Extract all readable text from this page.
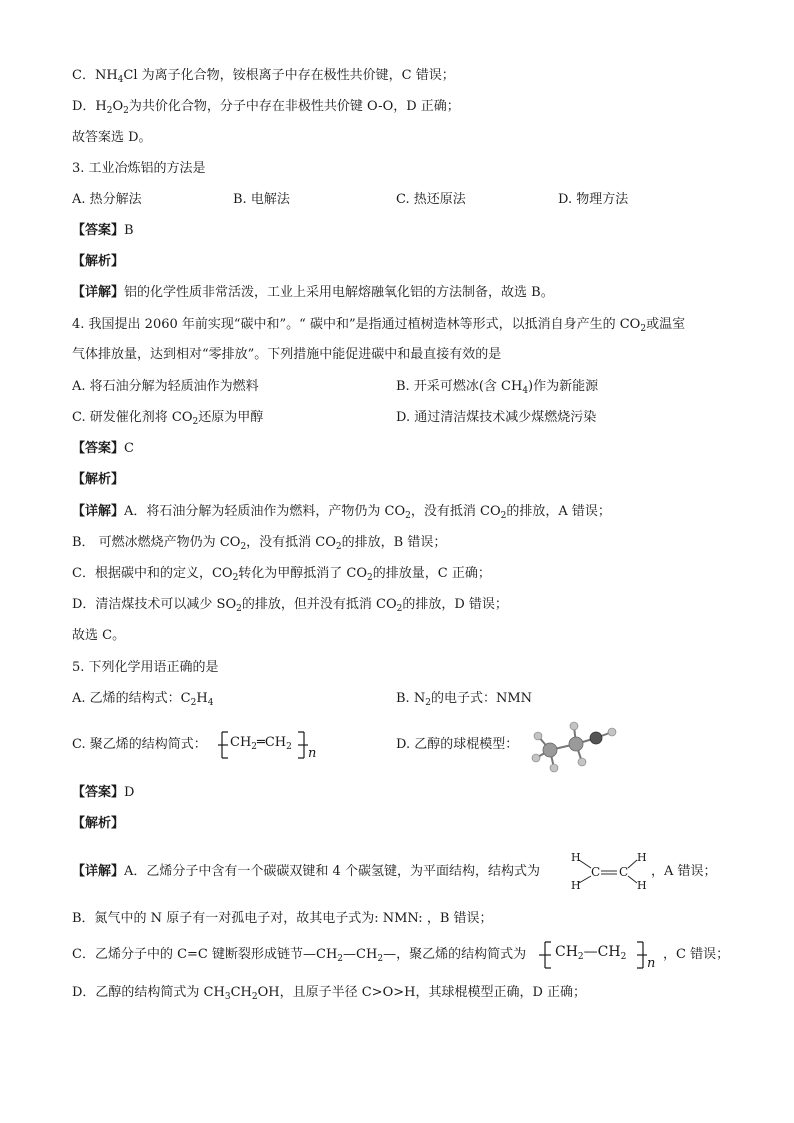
C．$NH_4Cl$ 为离子化合物，铵根离子中存在极性共价键，C 错误；
D．$H_2O_2$为共价化合物，分子中存在非极性共价键 O-O，D 正确；
故答案选 D。
3. 工业冶炼铝的方法是
A. 热分解法	B. 电解法	C. 热还原法	D. 物理方法
【答案】B
【解析】
【详解】铝的化学性质非常活泼，工业上采用电解熔融氧化铝的方法制备，故选 B。
4. 我国提出 2060 年前实现“碳中和”。“ 碳中和”是指通过植树造林等形式，以抵消自身产生的 $CO_2$或温室
气体排放量，达到相对“零排放”。下列措施中能促进碳中和最直接有效的是
A. 将石油分解为轻质油作为燃料	B. 开采可燃冰(含 $CH_4$)作为新能源
C. 研发催化剂将 $CO_2$还原为甲醇	D. 通过清洁煤技术减少煤燃烧污染
【答案】C
【解析】
【详解】A．将石油分解为轻质油作为燃料，产物仍为 $CO_2$，没有抵消 $CO_2$的排放，A 错误；
B． 可燃冰燃烧产物仍为 $CO_2$，没有抵消 $CO_2$的排放，B 错误；
C．根据碳中和的定义，$CO_2$转化为甲醇抵消了 $CO_2$的排放量，C 正确；
D．清洁煤技术可以减少 $SO_2$的排放，但并没有抵消 $CO_2$的排放，D 错误；
故选 C。
5. 下列化学用语正确的是
A. 乙烯的结构式：$C_2H_4$	B. $N_2$的电子式：NMN
C. 聚乙烯的结构简式： $CH_2═CH_2$ n
D. 乙醇的球棍模型：
【答案】D
【解析】
【详解】A．乙烯分子中含有一个碳碳双键和 4 个碳氢键，为平面结构，结构式为
H
H
C C
H
H
，A 错误；
B．氮气中的 N 原子有一对孤电子对，故其电子式为: NMN: ，B 错误；
C．乙烯分子中的 C=C 键断裂形成链节$—CH_2—CH_2—$，聚乙烯的结构简式为 $CH_2—CH_2$ n
，C 错误；
D．乙醇的结构简式为 $CH_3CH_2OH$，且原子半径 C>O>H，其球棍模型正确，D 正确；
